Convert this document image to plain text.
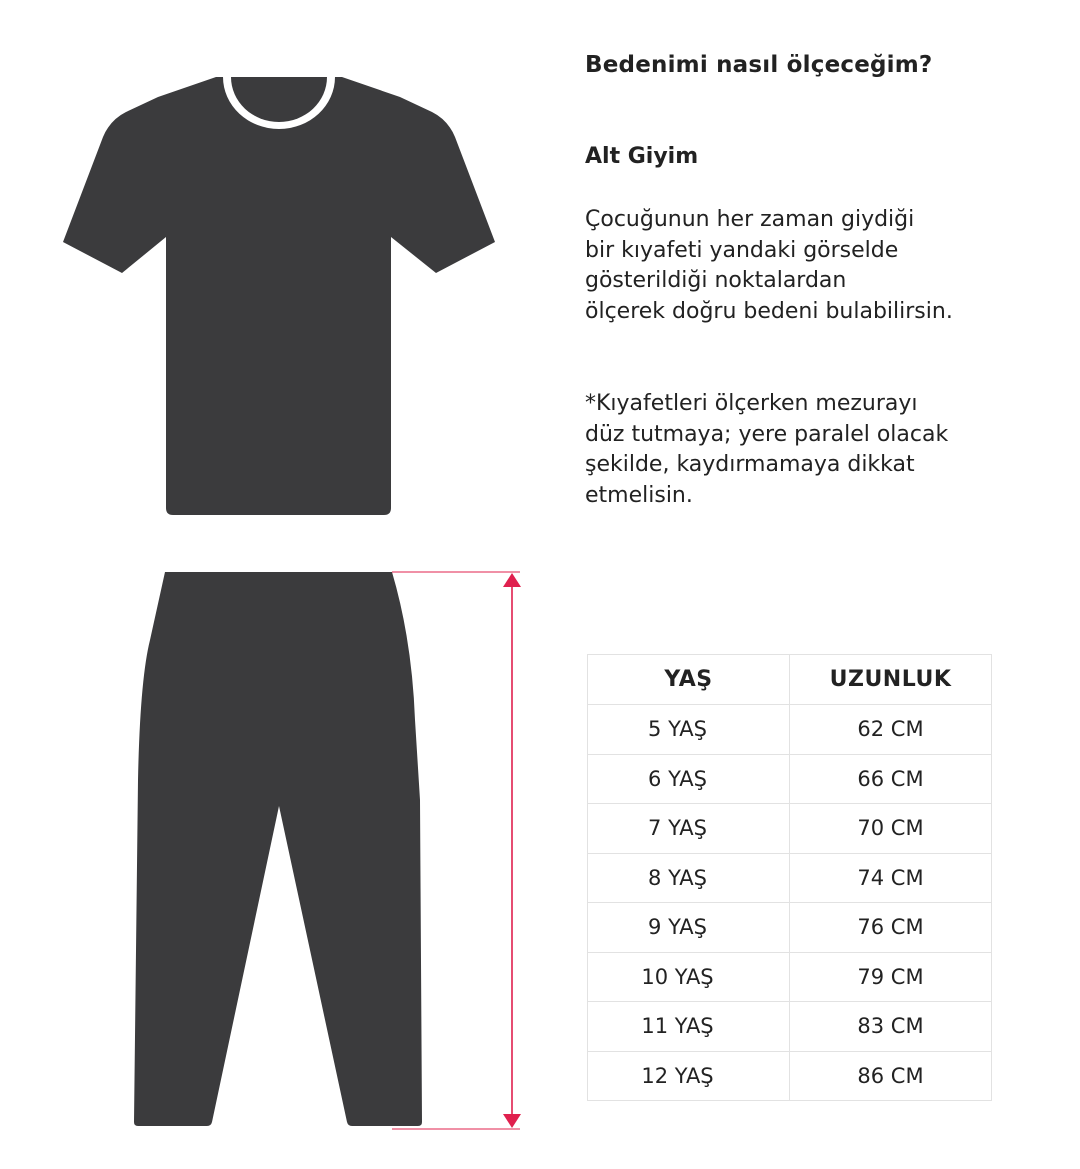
Bedenimi nasıl ölçeceğim?
Alt Giyim

Çocuğunun her zaman giydiği
bir kıyafeti yandaki görselde
gösterildiği noktalardan
ölçerek doğru bedeni bulabilirsin.

*Kıyafetleri ölçerken mezurayı
düz tutmaya; yere paralel olacak
şekilde, kaydırmamaya dikkat
etmelisin.

YAŞ	UZUNLUK
5 YAŞ	62 CM
6 YAŞ	66 CM
7 YAŞ	70 CM
8 YAŞ	74 CM
9 YAŞ	76 CM
10 YAŞ	79 CM
11 YAŞ	83 CM
12 YAŞ	86 CM
